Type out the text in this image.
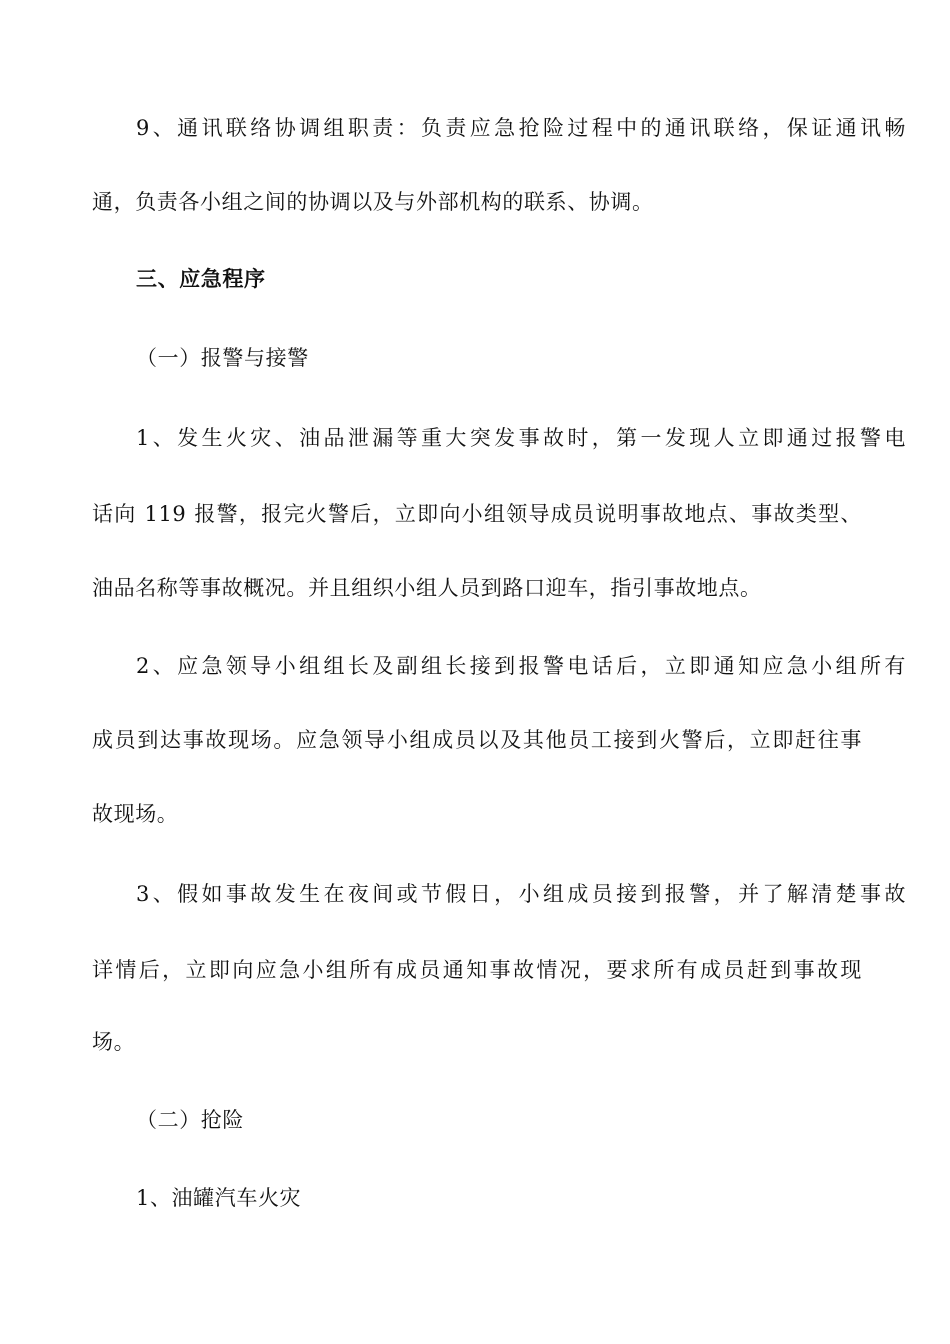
9、通讯联络协调组职责：负责应急抢险过程中的通讯联络，保证通讯畅
通，负责各小组之间的协调以及与外部机构的联系、协调。
三、应急程序
（一）报警与接警
1、发生火灾、油品泄漏等重大突发事故时，第一发现人立即通过报警电
话向 119 报警，报完火警后，立即向小组领导成员说明事故地点、事故类型、
油品名称等事故概况。并且组织小组人员到路口迎车，指引事故地点。
2、应急领导小组组长及副组长接到报警电话后，立即通知应急小组所有
成员到达事故现场。应急领导小组成员以及其他员工接到火警后，立即赶往事
故现场。
3、假如事故发生在夜间或节假日，小组成员接到报警，并了解清楚事故
详情后，立即向应急小组所有成员通知事故情况，要求所有成员赶到事故现
场。
（二）抢险
1、油罐汽车火灾
